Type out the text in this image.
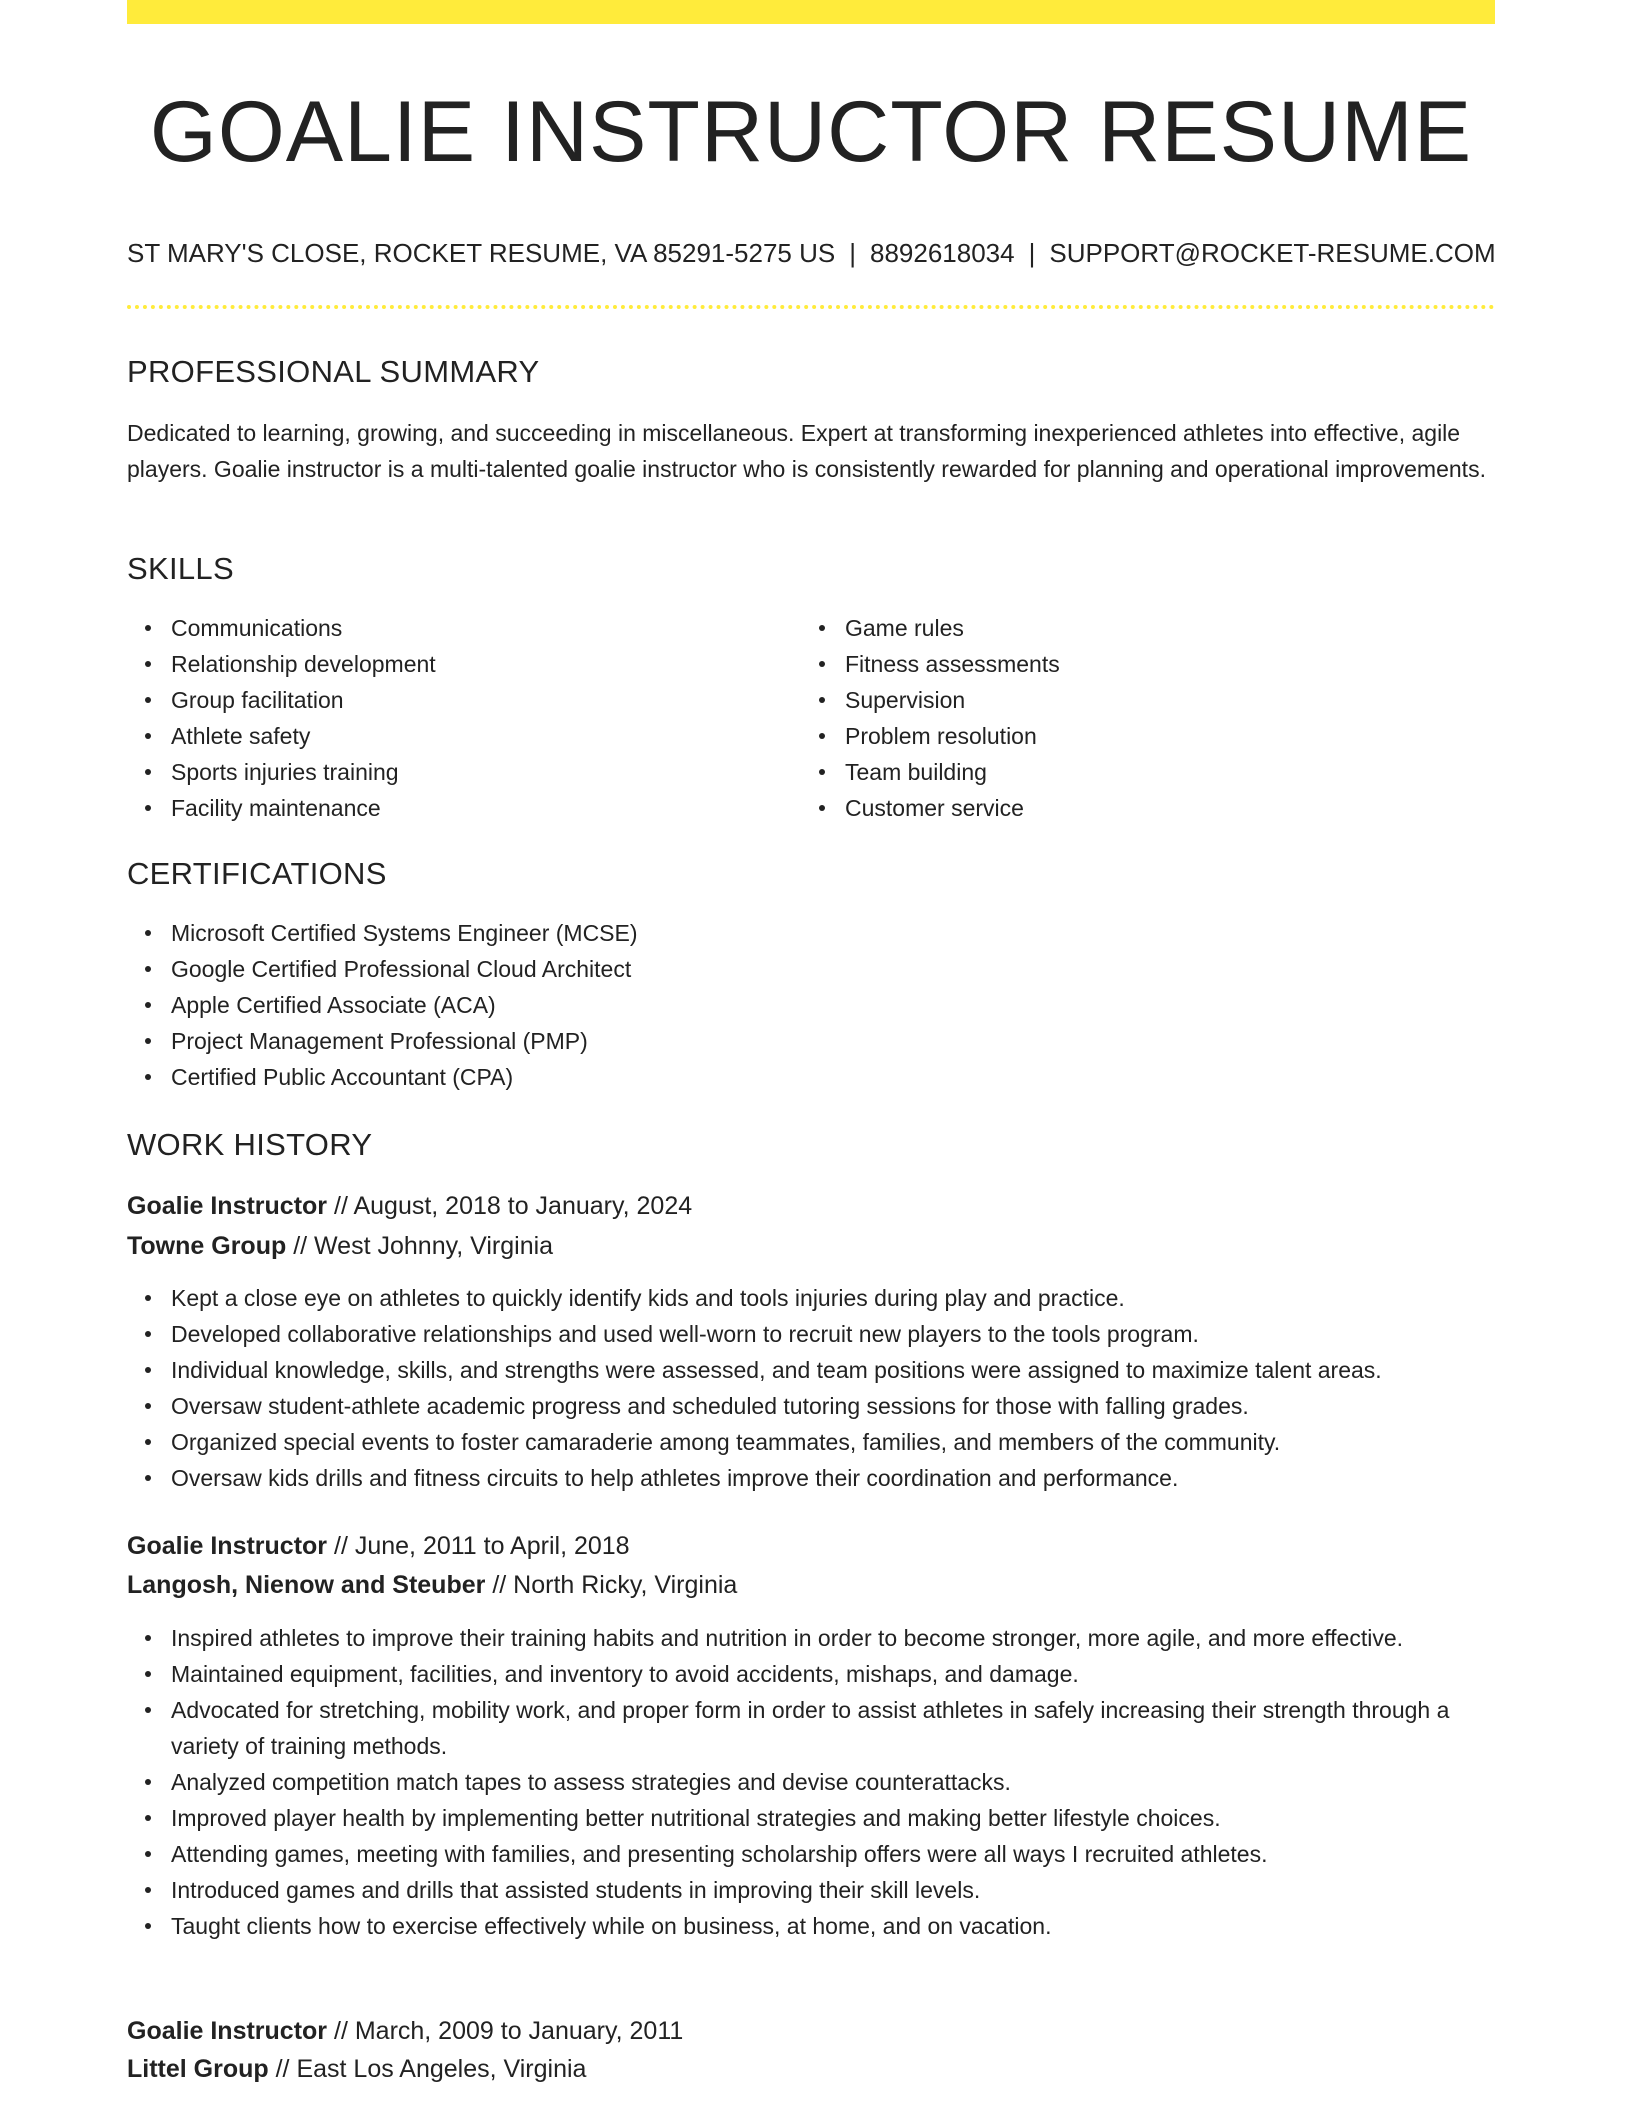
GOALIE INSTRUCTOR RESUME
ST MARY'S CLOSE, ROCKET RESUME, VA 85291-5275 US | 8892618034 | SUPPORT@ROCKET-RESUME.COM
PROFESSIONAL SUMMARY

Dedicated to learning, growing, and succeeding in miscellaneous. Expert at transforming inexperienced athletes into effective, agile players. Goalie instructor is a multi-talented goalie instructor who is consistently rewarded for planning and operational improvements.

SKILLS
Communications
Relationship development
Group facilitation
Athlete safety
Sports injuries training
Facility maintenance
Game rules
Fitness assessments
Supervision
Problem resolution
Team building
Customer service
CERTIFICATIONS
Microsoft Certified Systems Engineer (MCSE)
Google Certified Professional Cloud Architect
Apple Certified Associate (ACA)
Project Management Professional (PMP)
Certified Public Accountant (CPA)
WORK HISTORY
Goalie Instructor // August, 2018 to January, 2024
Towne Group // West Johnny, Virginia
Kept a close eye on athletes to quickly identify kids and tools injuries during play and practice.
Developed collaborative relationships and used well-worn to recruit new players to the tools program.
Individual knowledge, skills, and strengths were assessed, and team positions were assigned to maximize talent areas.
Oversaw student-athlete academic progress and scheduled tutoring sessions for those with falling grades.
Organized special events to foster camaraderie among teammates, families, and members of the community.
Oversaw kids drills and fitness circuits to help athletes improve their coordination and performance.
Goalie Instructor // June, 2011 to April, 2018
Langosh, Nienow and Steuber // North Ricky, Virginia
Inspired athletes to improve their training habits and nutrition in order to become stronger, more agile, and more effective.
Maintained equipment, facilities, and inventory to avoid accidents, mishaps, and damage.
Advocated for stretching, mobility work, and proper form in order to assist athletes in safely increasing their strength through a variety of training methods.
Analyzed competition match tapes to assess strategies and devise counterattacks.
Improved player health by implementing better nutritional strategies and making better lifestyle choices.
Attending games, meeting with families, and presenting scholarship offers were all ways I recruited athletes.
Introduced games and drills that assisted students in improving their skill levels.
Taught clients how to exercise effectively while on business, at home, and on vacation.
Goalie Instructor // March, 2009 to January, 2011
Littel Group // East Los Angeles, Virginia
